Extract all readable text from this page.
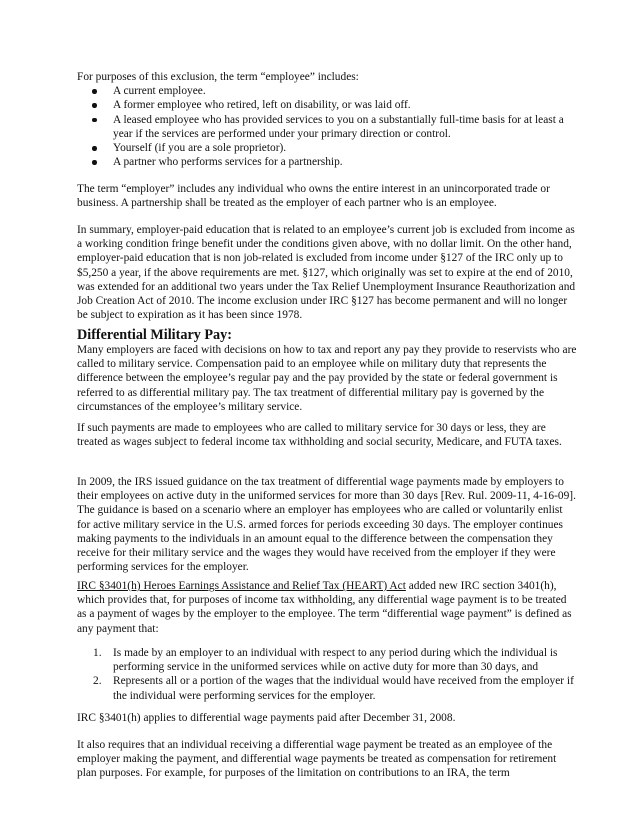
For purposes of this exclusion, the term “employee” includes:

A current employee.
A former employee who retired, left on disability, or was laid off.
A leased employee who has provided services to you on a substantially full-time basis for at least a year if the services are performed under your primary direction or control.
Yourself (if you are a sole proprietor).
A partner who performs services for a partnership.

The term “employer” includes any individual who owns the entire interest in an unincorporated trade or business. A partnership shall be treated as the employer of each partner who is an employee.

In summary, employer-paid education that is related to an employee’s current job is excluded from income as a working condition fringe benefit under the conditions given above, with no dollar limit. On the other hand, employer-paid education that is non job-related is excluded from income under §127 of the IRC only up to $5,250 a year, if the above requirements are met. §127, which originally was set to expire at the end of 2010, was extended for an additional two years under the Tax Relief Unemployment Insurance Reauthorization and Job Creation Act of 2010. The income exclusion under IRC §127 has become permanent and will no longer be subject to expiration as it has been since 1978.

Differential Military Pay:

Many employers are faced with decisions on how to tax and report any pay they provide to reservists who are called to military service. Compensation paid to an employee while on military duty that represents the difference between the employee’s regular pay and the pay provided by the state or federal government is referred to as differential military pay. The tax treatment of differential military pay is governed by the circumstances of the employee’s military service.

If such payments are made to employees who are called to military service for 30 days or less, they are treated as wages subject to federal income tax withholding and social security, Medicare, and FUTA taxes.

In 2009, the IRS issued guidance on the tax treatment of differential wage payments made by employers to their employees on active duty in the uniformed services for more than 30 days [Rev. Rul. 2009-11, 4-16-09]. The guidance is based on a scenario where an employer has employees who are called or voluntarily enlist for active military service in the U.S. armed forces for periods exceeding 30 days. The employer continues making payments to the individuals in an amount equal to the difference between the compensation they receive for their military service and the wages they would have received from the employer if they were performing services for the employer.

IRC §3401(h) Heroes Earnings Assistance and Relief Tax (HEART) Act added new IRC section 3401(h), which provides that, for purposes of income tax withholding, any differential wage payment is to be treated as a payment of wages by the employer to the employee. The term “differential wage payment” is defined as any payment that:

1. Is made by an employer to an individual with respect to any period during which the individual is performing service in the uniformed services while on active duty for more than 30 days, and
2. Represents all or a portion of the wages that the individual would have received from the employer if the individual were performing services for the employer.

IRC §3401(h) applies to differential wage payments paid after December 31, 2008.

It also requires that an individual receiving a differential wage payment be treated as an employee of the employer making the payment, and differential wage payments be treated as compensation for retirement plan purposes. For example, for purposes of the limitation on contributions to an IRA, the term
